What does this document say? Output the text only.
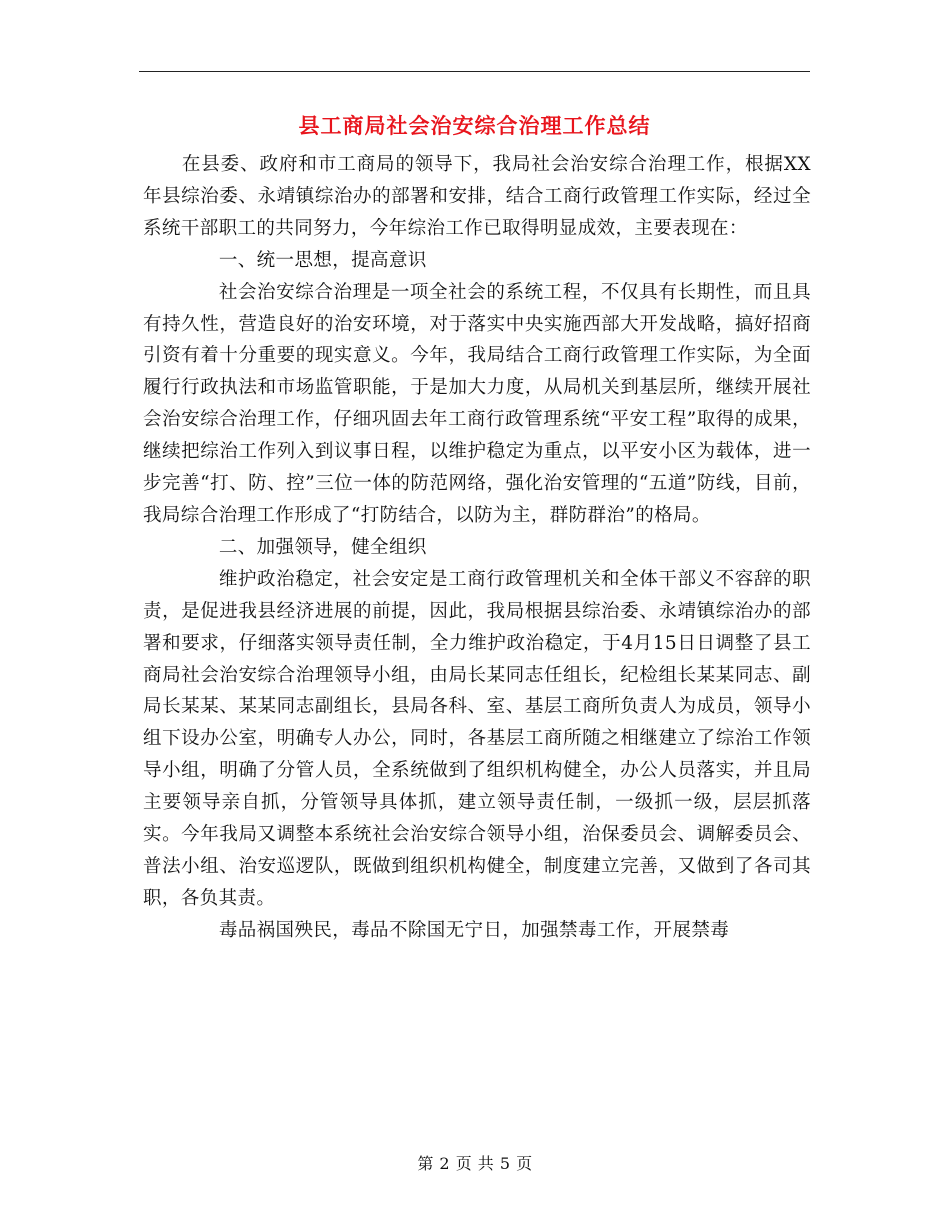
县工商局社会治安综合治理工作总结

在县委、政府和市工商局的领导下，我局社会治安综合治理工作，根据XX年县综治委、永靖镇综治办的部署和安排，结合工商行政管理工作实际，经过全系统干部职工的共同努力，今年综治工作已取得明显成效，主要表现在：

一、统一思想，提高意识

社会治安综合治理是一项全社会的系统工程，不仅具有长期性，而且具有持久性，营造良好的治安环境，对于落实中央实施西部大开发战略，搞好招商引资有着十分重要的现实意义。今年，我局结合工商行政管理工作实际，为全面履行行政执法和市场监管职能，于是加大力度，从局机关到基层所，继续开展社会治安综合治理工作，仔细巩固去年工商行政管理系统“平安工程”取得的成果，继续把综治工作列入到议事日程，以维护稳定为重点，以平安小区为载体，进一步完善“打、防、控”三位一体的防范网络，强化治安管理的“五道”防线，目前，我局综合治理工作形成了“打防结合，以防为主，群防群治”的格局。

二、加强领导，健全组织

维护政治稳定，社会安定是工商行政管理机关和全体干部义不容辞的职责，是促进我县经济进展的前提，因此，我局根据县综治委、永靖镇综治办的部署和要求，仔细落实领导责任制，全力维护政治稳定，于4月15日日调整了县工商局社会治安综合治理领导小组，由局长某同志任组长，纪检组长某某同志、副局长某某、某某同志副组长，县局各科、室、基层工商所负责人为成员，领导小组下设办公室，明确专人办公，同时，各基层工商所随之相继建立了综治工作领导小组，明确了分管人员，全系统做到了组织机构健全，办公人员落实，并且局主要领导亲自抓，分管领导具体抓，建立领导责任制，一级抓一级，层层抓落实。今年我局又调整本系统社会治安综合领导小组，治保委员会、调解委员会、普法小组、治安巡逻队，既做到组织机构健全，制度建立完善，又做到了各司其职，各负其责。

毒品祸国殃民，毒品不除国无宁日，加强禁毒工作，开展禁毒

第 2 页 共 5 页
